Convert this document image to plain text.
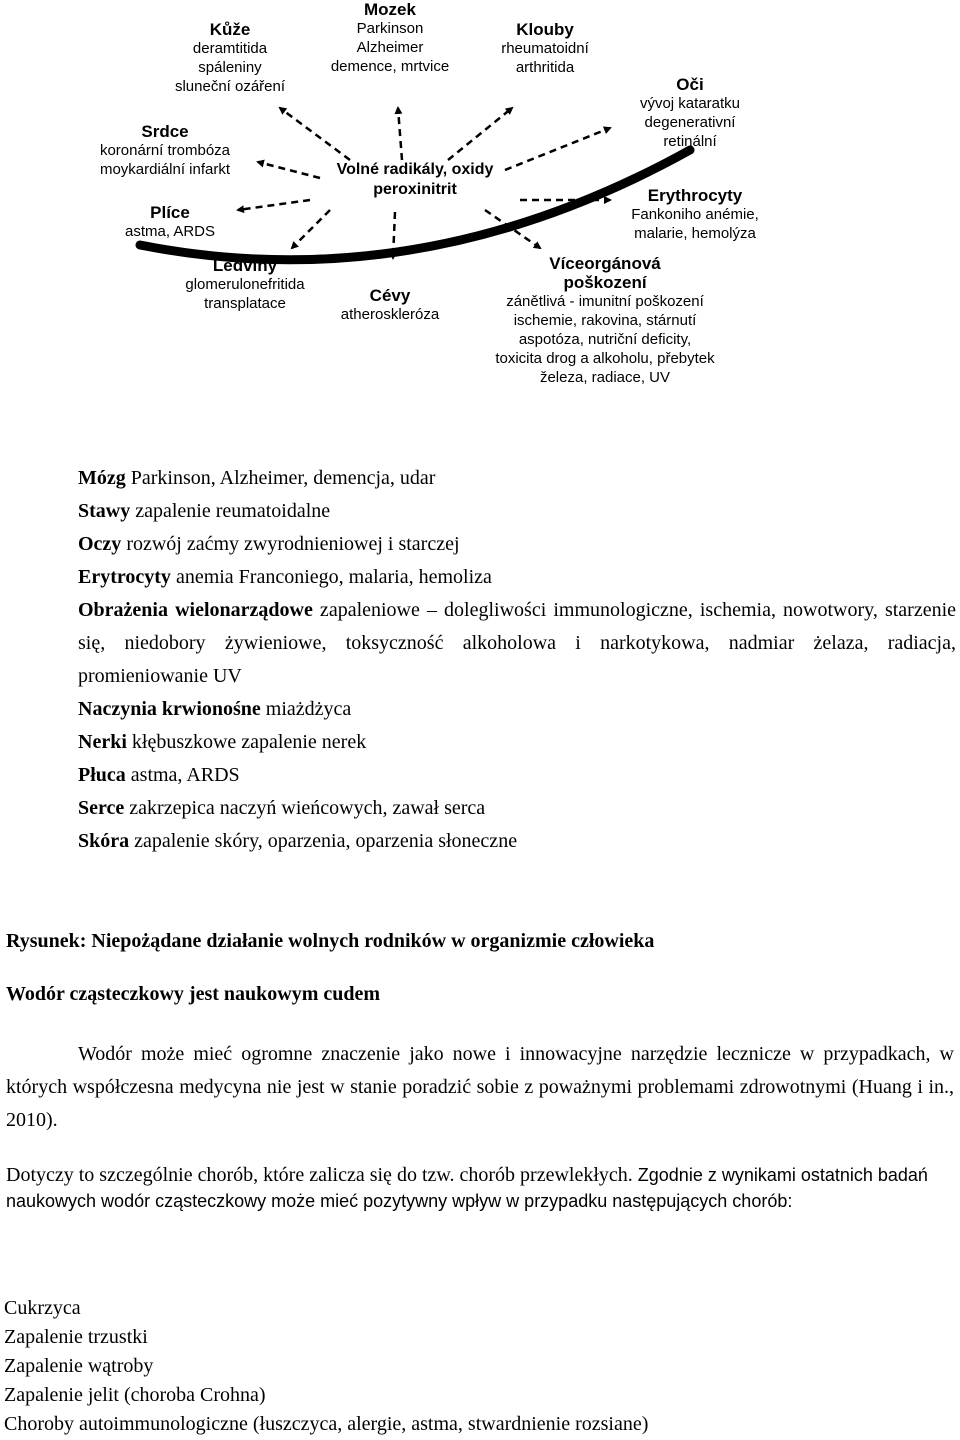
Volné radikály, oxidy
peroxinitrit
Mozek
Parkinson
Alzheimer
demence, mrtvice
Kůže
deramtitida
spáleniny
sluneční ozáření
Klouby
rheumatoidní
arthritida
Oči
vývoj kataratku
degenerativní
retinální
Srdce
koronární trombóza
moykardiální infarkt
Erythrocyty
Fankoniho anémie,
malarie, hemolýza
Plíce
astma, ARDS
Ledviny
glomerulonefritida
transplatace	Cévy
atheroskleróza
Víceorgánová
poškození
zánětlivá - imunitní poškození
ischemie, rakovina, stárnutí
aspotóza, nutriční deficity,
toxicita drog a alkoholu, přebytek
železa, radiace, UV
Mózg Parkinson, Alzheimer, demencja, udar
Stawy zapalenie reumatoidalne
Oczy rozwój zaćmy zwyrodnieniowej i starczej
Erytrocyty anemia Franconiego, malaria, hemoliza
Obrażenia wielonarządowe zapaleniowe – dolegliwości immunologiczne, ischemia, nowotwory, starzenie się, niedobory żywieniowe, toksyczność alkoholowa i narkotykowa, nadmiar żelaza, radiacja, promieniowanie UV
Naczynia krwionośne miażdżyca
Nerki kłębuszkowe zapalenie nerek
Płuca astma, ARDS
Serce zakrzepica naczyń wieńcowych, zawał serca
Skóra zapalenie skóry, oparzenia, oparzenia słoneczne
Rysunek: Niepożądane działanie wolnych rodników w organizmie człowieka
Wodór cząsteczkowy jest naukowym cudem
Wodór może mieć ogromne znaczenie jako nowe i innowacyjne narzędzie lecznicze w przypadkach, w których współczesna medycyna nie jest w stanie poradzić sobie z poważnymi problemami zdrowotnymi (Huang i in., 2010).
Dotyczy to szczególnie chorób, które zalicza się do tzw. chorób przewlekłych. Zgodnie z wynikami ostatnich badań naukowych wodór cząsteczkowy może mieć pozytywny wpływ w przypadku następujących chorób:
Cukrzyca
Zapalenie trzustki
Zapalenie wątroby
Zapalenie jelit (choroba Crohna)
Choroby autoimmunologiczne (łuszczyca, alergie, astma, stwardnienie rozsiane)
